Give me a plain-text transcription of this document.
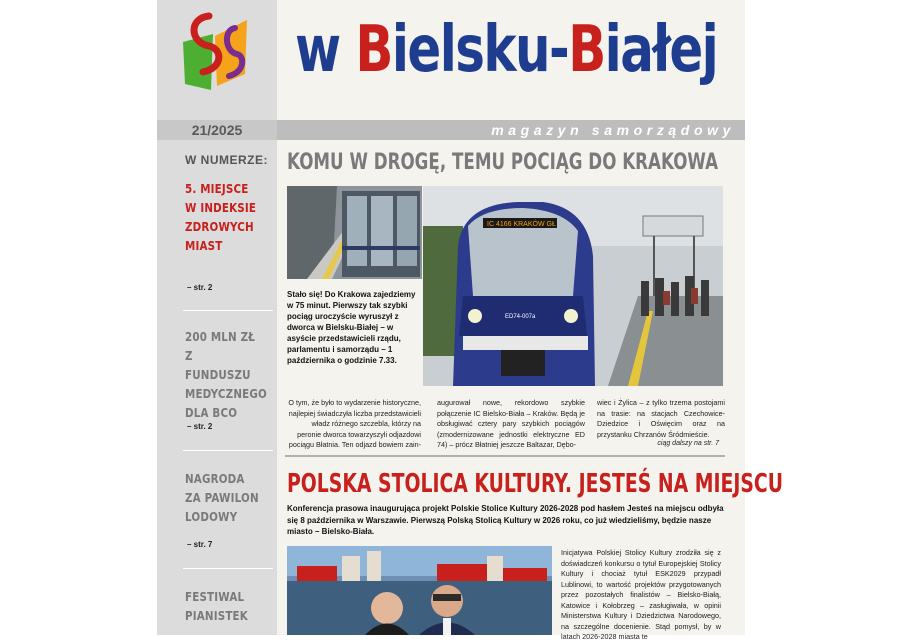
21/2025
W NUMERZE:
5. MIEJSCE
W INDEKSIE
ZDROWYCH
MIAST
– str. 2
200 MLN ZŁ
Z FUNDUSZU
MEDYCZNEGO
DLA BCO
– str. 2
NAGRODA
ZA PAWILON
LODOWY
– str. 7
FESTIWAL
PIANISTEK
w Bielsku-Białej
magazyn samorządowy
KOMU W DROGĘ, TEMU POCIĄG DO KRAKOWA
IC 4166 KRAKÓW GŁ
ED74-007a
Stało się! Do Krakowa zajedziemy w 75 minut. Pierwszy tak szybki pociąg uroczyście wyruszył z dworca w Bielsku-Białej – w asyście przedstawicieli rządu, parlamentu i samorządu – 1 października o godzinie 7.33.
O tym, że było to wydarzenie historyczne, najlepiej świadczyła liczba przedstawicieli władz różnego szczebla, którzy na peronie dworca towarzyszyli odjazdowi pociągu Błatnia. Ten odjazd bowiem zain-
augurował nowe, rekordowo szybkie połączenie IC Bielsko-Biała – Kraków. Będą je obsługiwać cztery pary szybkich pociągów (zmodernizowane jednostki elektryczne ED 74) – prócz Błatniej jeszcze Baltazar, Dębo-
wiec i Żylica – z tylko trzema postojami na trasie: na stacjach Czechowice-Dziedzice i Oświęcim oraz na przystanku Chrzanów Śródmieście.
ciąg dalszy na str. 7
POLSKA STOLICA KULTURY. JESTEŚ NA MIEJSCU
Konferencja prasowa inaugurująca projekt Polskie Stolice Kultury 2026-2028 pod hasłem Jesteś na miejscu odbyła się 8 października w Warszawie. Pierwszą Polską Stolicą Kultury w 2026 roku, co już wiedzieliśmy, będzie nasze miasto – Bielsko-Biała.
Inicjatywa Polskiej Stolicy Kultury zrodziła się z doświadczeń konkursu o tytuł Europejskiej Stolicy Kultury i chociaż tytuł ESK2029 przypadł Lublinowi, to wartość projektów przygotowanych przez pozostałych finalistów – Bielsko-Białą, Katowice i Kołobrzeg – zasługiwała, w opinii Ministerstwa Kultury i Dziedzictwa Narodowego, na szczególne docenienie. Stąd pomysł, by w latach 2026-2028 miasta te
